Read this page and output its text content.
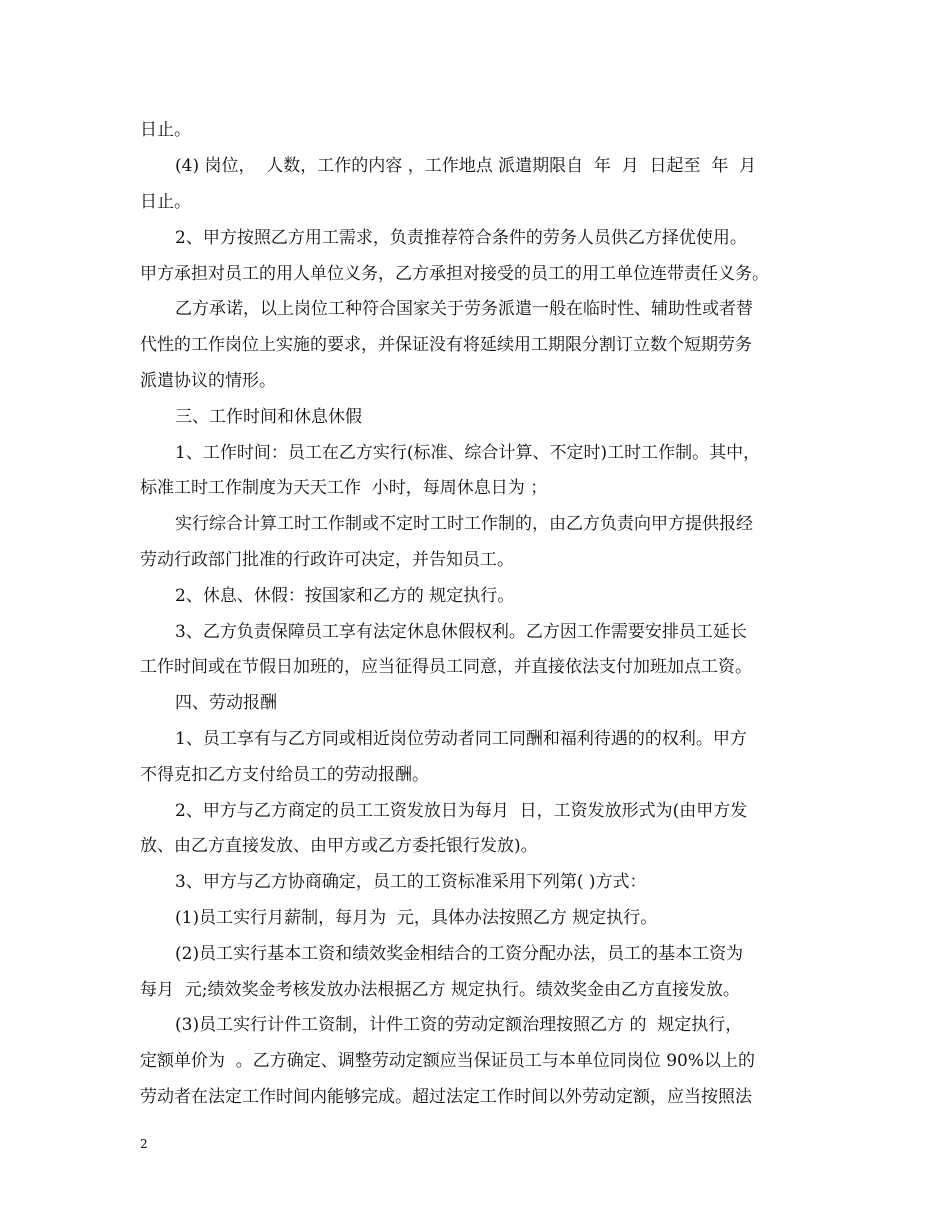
日止。
(4) 岗位，  人数，工作的内容 ，工作地点 派遣期限自  年  月  日起至  年  月
日止。
2、甲方按照乙方用工需求，负责推荐符合条件的劳务人员供乙方择优使用。
甲方承担对员工的用人单位义务，乙方承担对接受的员工的用工单位连带责任义务。
乙方承诺，以上岗位工种符合国家关于劳务派遣一般在临时性、辅助性或者替
代性的工作岗位上实施的要求，并保证没有将延续用工期限分割订立数个短期劳务
派遣协议的情形。
三、工作时间和休息休假
1、工作时间：员工在乙方实行(标准、综合计算、不定时)工时工作制。其中，
标准工时工作制度为天天工作  小时，每周休息日为 ；
实行综合计算工时工作制或不定时工时工作制的，由乙方负责向甲方提供报经
劳动行政部门批准的行政许可决定，并告知员工。
2、休息、休假：按国家和乙方的 规定执行。
3、乙方负责保障员工享有法定休息休假权利。乙方因工作需要安排员工延长
工作时间或在节假日加班的，应当征得员工同意，并直接依法支付加班加点工资。
四、劳动报酬
1、员工享有与乙方同或相近岗位劳动者同工同酬和福利待遇的的权利。甲方
不得克扣乙方支付给员工的劳动报酬。
2、甲方与乙方商定的员工工资发放日为每月  日，工资发放形式为(由甲方发
放、由乙方直接发放、由甲方或乙方委托银行发放)。
3、甲方与乙方协商确定，员工的工资标准采用下列第( )方式：
(1)员工实行月薪制，每月为  元，具体办法按照乙方 规定执行。
(2)员工实行基本工资和绩效奖金相结合的工资分配办法，员工的基本工资为
每月  元;绩效奖金考核发放办法根据乙方 规定执行。绩效奖金由乙方直接发放。
(3)员工实行计件工资制，计件工资的劳动定额治理按照乙方 的  规定执行，
定额单价为  。乙方确定、调整劳动定额应当保证员工与本单位同岗位 90%以上的
劳动者在法定工作时间内能够完成。超过法定工作时间以外劳动定额，应当按照法
2
